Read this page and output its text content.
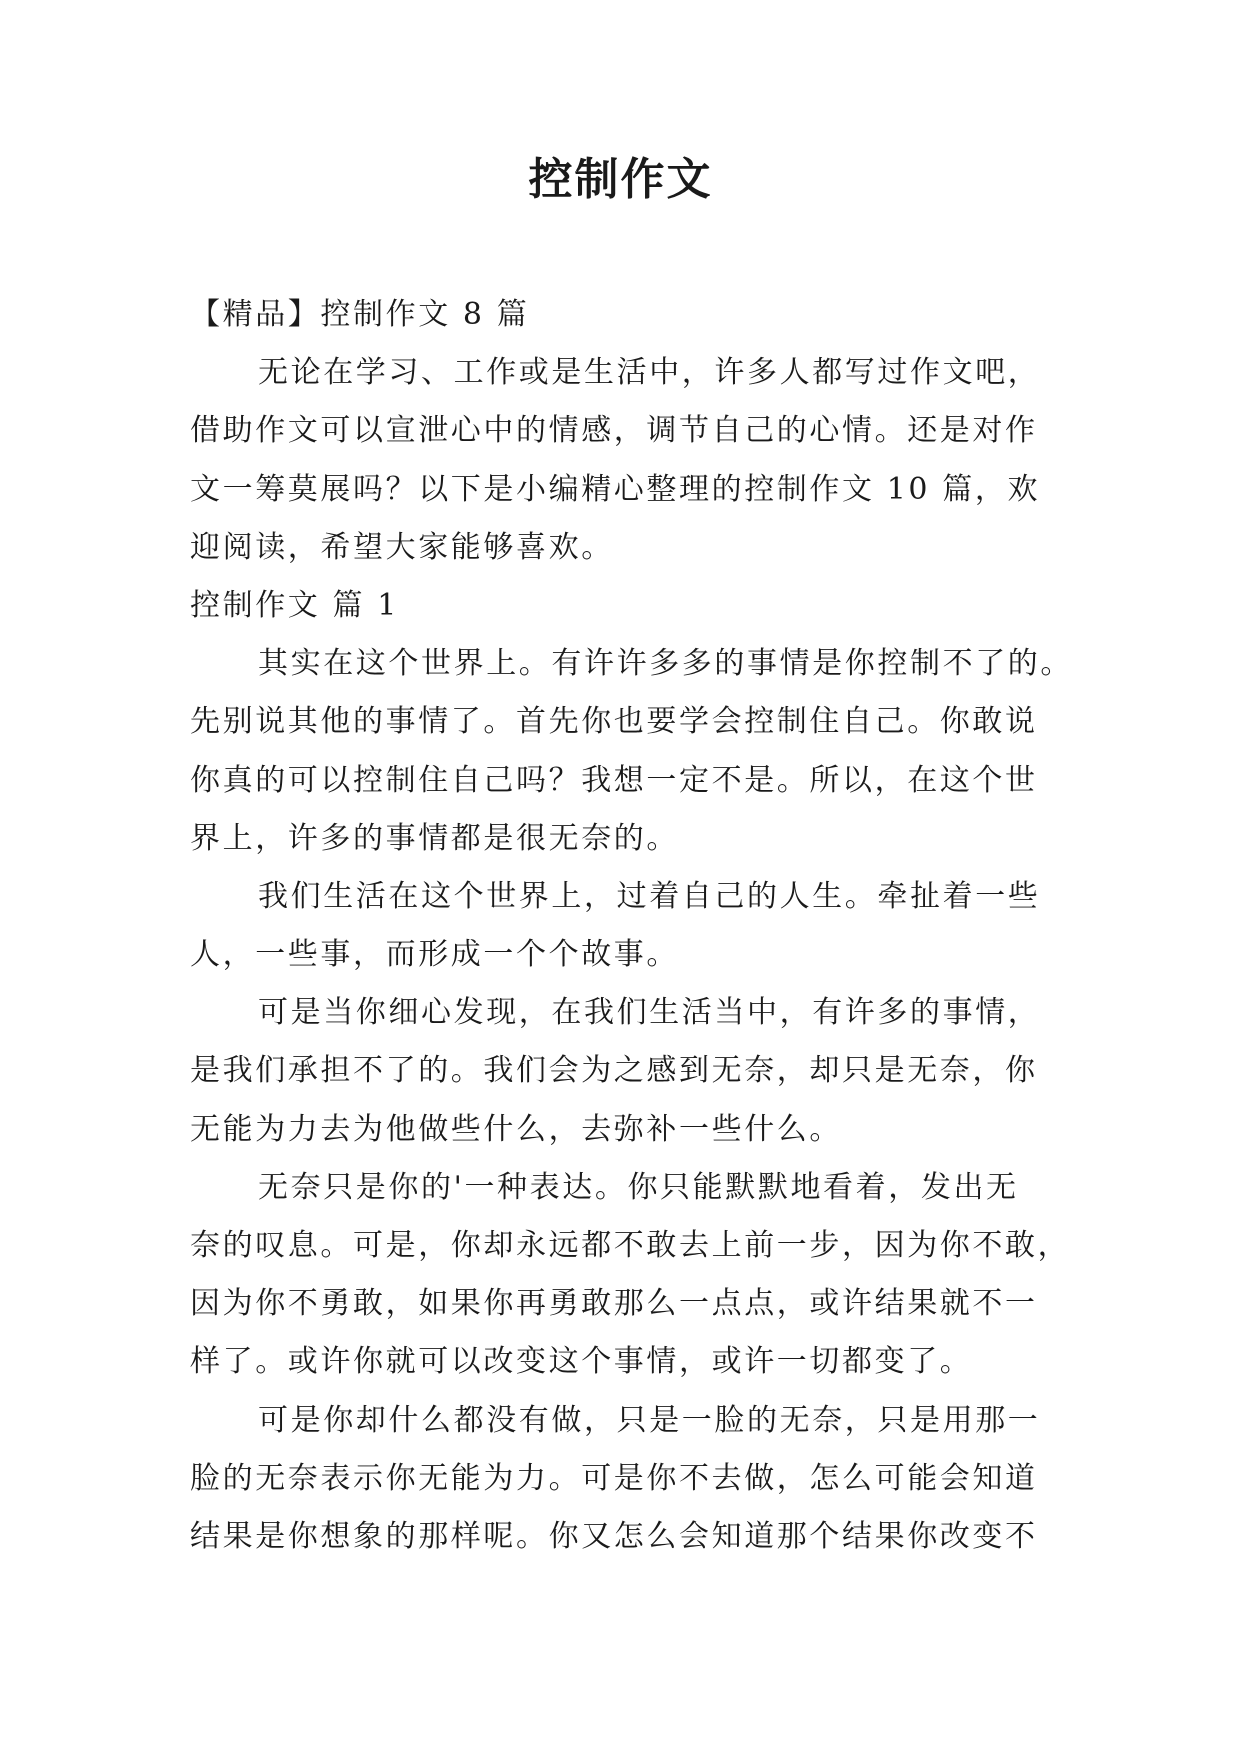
控制作文
【精品】控制作文 8 篇
无论在学习、工作或是生活中，许多人都写过作文吧，
借助作文可以宣泄心中的情感，调节自己的心情。还是对作
文一筹莫展吗？以下是小编精心整理的控制作文 10 篇，欢
迎阅读，希望大家能够喜欢。
控制作文 篇 1
其实在这个世界上。有许许多多的事情是你控制不了的。
先别说其他的事情了。首先你也要学会控制住自己。你敢说
你真的可以控制住自己吗？我想一定不是。所以，在这个世
界上，许多的事情都是很无奈的。
我们生活在这个世界上，过着自己的人生。牵扯着一些
人，一些事，而形成一个个故事。
可是当你细心发现，在我们生活当中，有许多的事情，
是我们承担不了的。我们会为之感到无奈，却只是无奈，你
无能为力去为他做些什么，去弥补一些什么。
无奈只是你的'一种表达。你只能默默地看着，发出无
奈的叹息。可是，你却永远都不敢去上前一步，因为你不敢，
因为你不勇敢，如果你再勇敢那么一点点，或许结果就不一
样了。或许你就可以改变这个事情，或许一切都变了。
可是你却什么都没有做，只是一脸的无奈，只是用那一
脸的无奈表示你无能为力。可是你不去做，怎么可能会知道
结果是你想象的那样呢。你又怎么会知道那个结果你改变不
